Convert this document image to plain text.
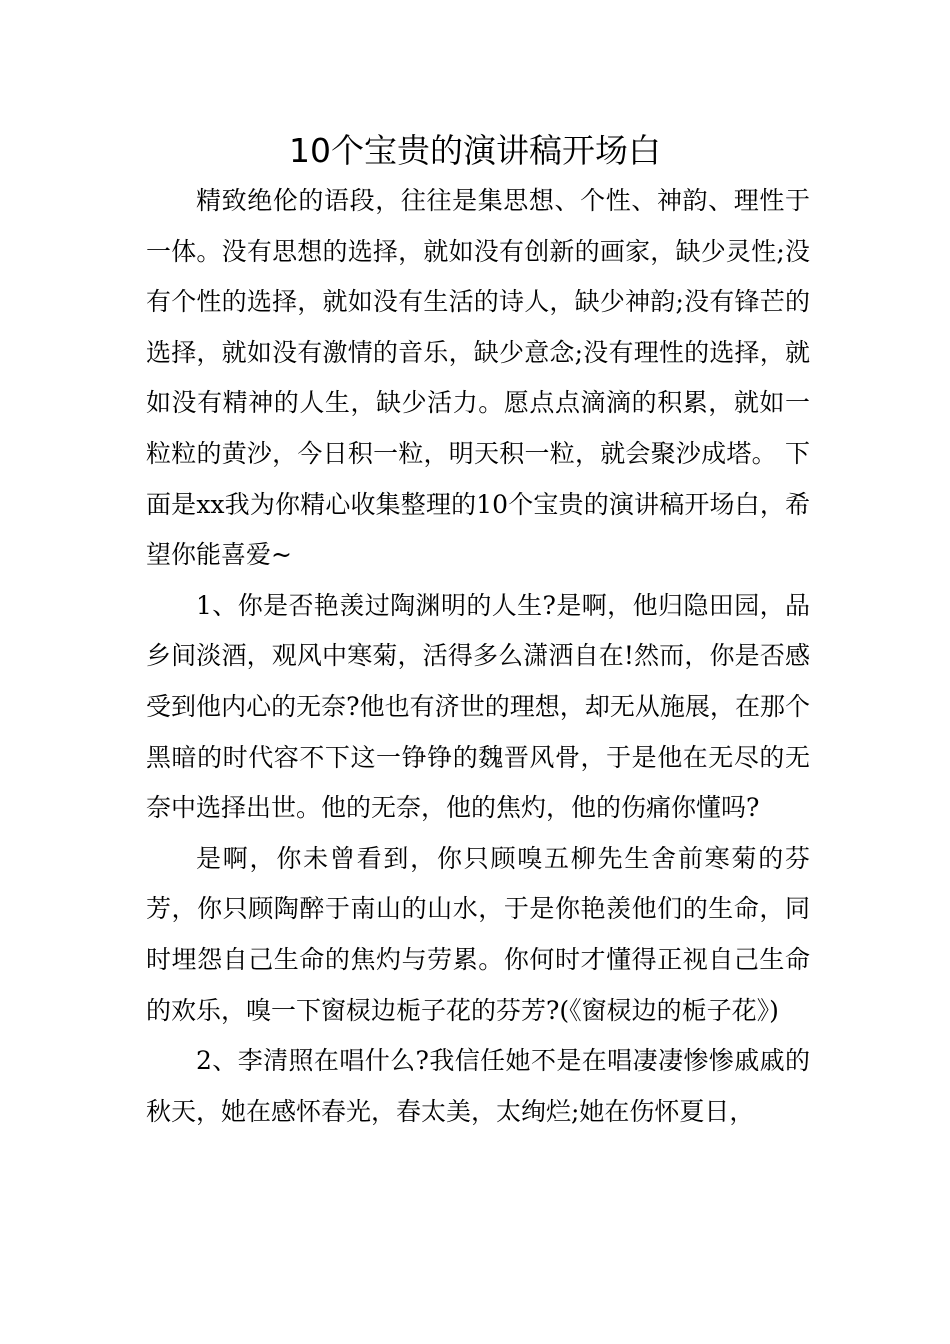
10个宝贵的演讲稿开场白

精致绝伦的语段，往往是集思想、个性、神韵、理性于一体。没有思想的选择，就如没有创新的画家，缺少灵性;没有个性的选择，就如没有生活的诗人，缺少神韵;没有锋芒的选择，就如没有激情的音乐，缺少意念;没有理性的选择，就如没有精神的人生，缺少活力。愿点点滴滴的积累，就如一粒粒的黄沙，今日积一粒，明天积一粒，就会聚沙成塔。 下面是xx我为你精心收集整理的10个宝贵的演讲稿开场白，希望你能喜爱~

1、你是否艳羡过陶渊明的人生?是啊，他归隐田园，品乡间淡酒，观风中寒菊，活得多么潇洒自在!然而，你是否感受到他内心的无奈?他也有济世的理想，却无从施展，在那个黑暗的时代容不下这一铮铮的魏晋风骨，于是他在无尽的无奈中选择出世。他的无奈，他的焦灼，他的伤痛你懂吗?

是啊，你未曾看到，你只顾嗅五柳先生舍前寒菊的芬芳，你只顾陶醉于南山的山水，于是你艳羡他们的生命，同时埋怨自己生命的焦灼与劳累。你何时才懂得正视自己生命的欢乐，嗅一下窗棂边栀子花的芬芳?(《窗棂边的栀子花》)

2、李清照在唱什么?我信任她不是在唱凄凄惨惨戚戚的秋天，她在感怀春光，春太美，太绚烂;她在伤怀夏日，
